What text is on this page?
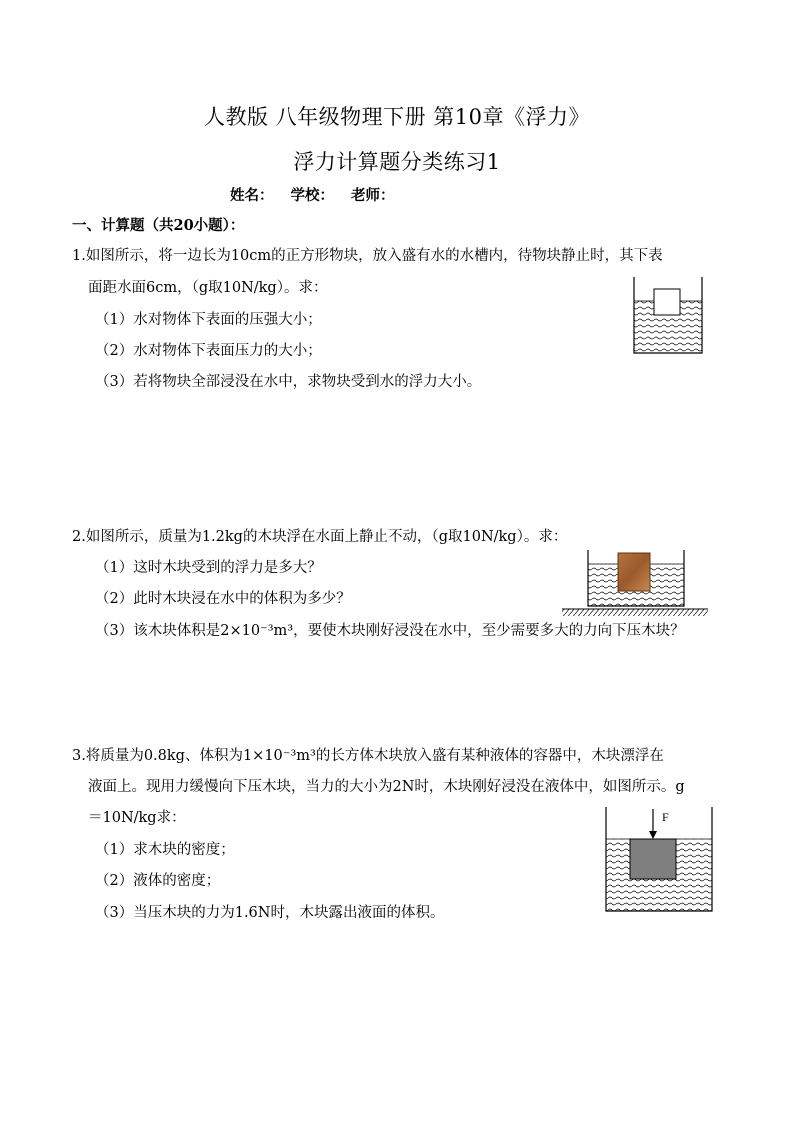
人教版 八年级物理下册 第10章《浮力》
浮力计算题分类练习1
姓名： 学校： 老师：
一、计算题（共20小题）：
1.如图所示，将一边长为10cm的正方形物块，放入盛有水的水槽内，待物块静止时，其下表
面距水面6cm，（g取10N/kg）。求：
（1）水对物体下表面的压强大小；
（2）水对物体下表面压力的大小；
（3）若将物块全部浸没在水中，求物块受到水的浮力大小。
2.如图所示，质量为1.2kg的木块浮在水面上静止不动，（g取10N/kg）。求：
（1）这时木块受到的浮力是多大？
（2）此时木块浸在水中的体积为多少？
（3）该木块体积是2×10⁻³m³，要使木块刚好浸没在水中，至少需要多大的力向下压木块？
3.将质量为0.8kg、体积为1×10⁻³m³的长方体木块放入盛有某种液体的容器中，木块漂浮在
液面上。现用力缓慢向下压木块，当力的大小为2N时，木块刚好浸没在液体中，如图所示。g
＝10N/kg求：
（1）求木块的密度；
（2）液体的密度；
（3）当压木块的力为1.6N时，木块露出液面的体积。
F
